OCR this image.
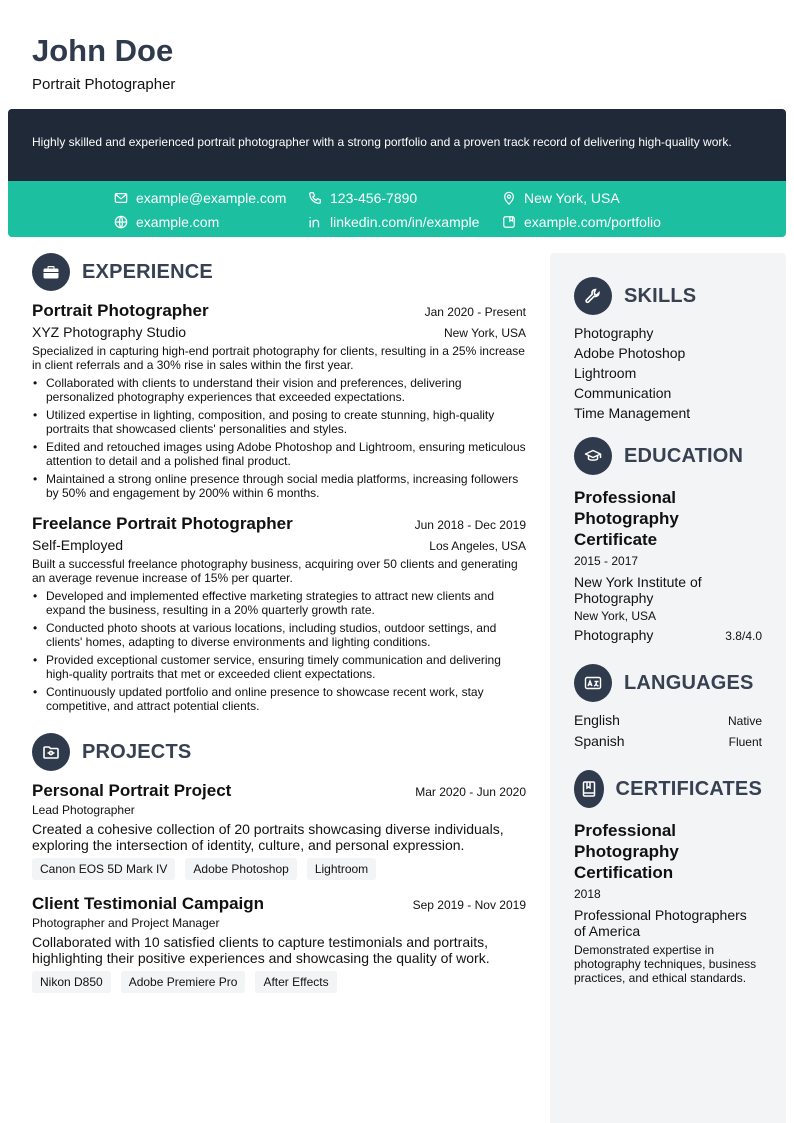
John Doe
Portrait Photographer
Highly skilled and experienced portrait photographer with a strong portfolio and a proven track record of delivering high-quality work.
example@example.com	123-456-7890	New York, USA
example.com	linkedin.com/in/example	example.com/portfolio
EXPERIENCE
Portrait Photographer	Jan 2020 - Present
XYZ Photography Studio	New York, USA
Specialized in capturing high-end portrait photography for clients, resulting in a 25% increase in client referrals and a 30% rise in sales within the first year.
• Collaborated with clients to understand their vision and preferences, delivering personalized photography experiences that exceeded expectations.
• Utilized expertise in lighting, composition, and posing to create stunning, high-quality portraits that showcased clients' personalities and styles.
• Edited and retouched images using Adobe Photoshop and Lightroom, ensuring meticulous attention to detail and a polished final product.
• Maintained a strong online presence through social media platforms, increasing followers by 50% and engagement by 200% within 6 months.
Freelance Portrait Photographer	Jun 2018 - Dec 2019
Self-Employed	Los Angeles, USA
Built a successful freelance photography business, acquiring over 50 clients and generating an average revenue increase of 15% per quarter.
• Developed and implemented effective marketing strategies to attract new clients and expand the business, resulting in a 20% quarterly growth rate.
• Conducted photo shoots at various locations, including studios, outdoor settings, and clients' homes, adapting to diverse environments and lighting conditions.
• Provided exceptional customer service, ensuring timely communication and delivering high-quality portraits that met or exceeded client expectations.
• Continuously updated portfolio and online presence to showcase recent work, stay competitive, and attract potential clients.
PROJECTS
Personal Portrait Project	Mar 2020 - Jun 2020
Lead Photographer
Created a cohesive collection of 20 portraits showcasing diverse individuals, exploring the intersection of identity, culture, and personal expression.
Canon EOS 5D Mark IV	Adobe Photoshop	Lightroom
Client Testimonial Campaign	Sep 2019 - Nov 2019
Photographer and Project Manager
Collaborated with 10 satisfied clients to capture testimonials and portraits, highlighting their positive experiences and showcasing the quality of work.
Nikon D850	Adobe Premiere Pro	After Effects
SKILLS
Photography
Adobe Photoshop
Lightroom
Communication
Time Management
EDUCATION
Professional Photography Certificate
2015 - 2017
New York Institute of Photography
New York, USA
Photography	3.8/4.0
LANGUAGES
English	Native
Spanish	Fluent
CERTIFICATES
Professional Photography Certification
2018
Professional Photographers of America
Demonstrated expertise in photography techniques, business practices, and ethical standards.
